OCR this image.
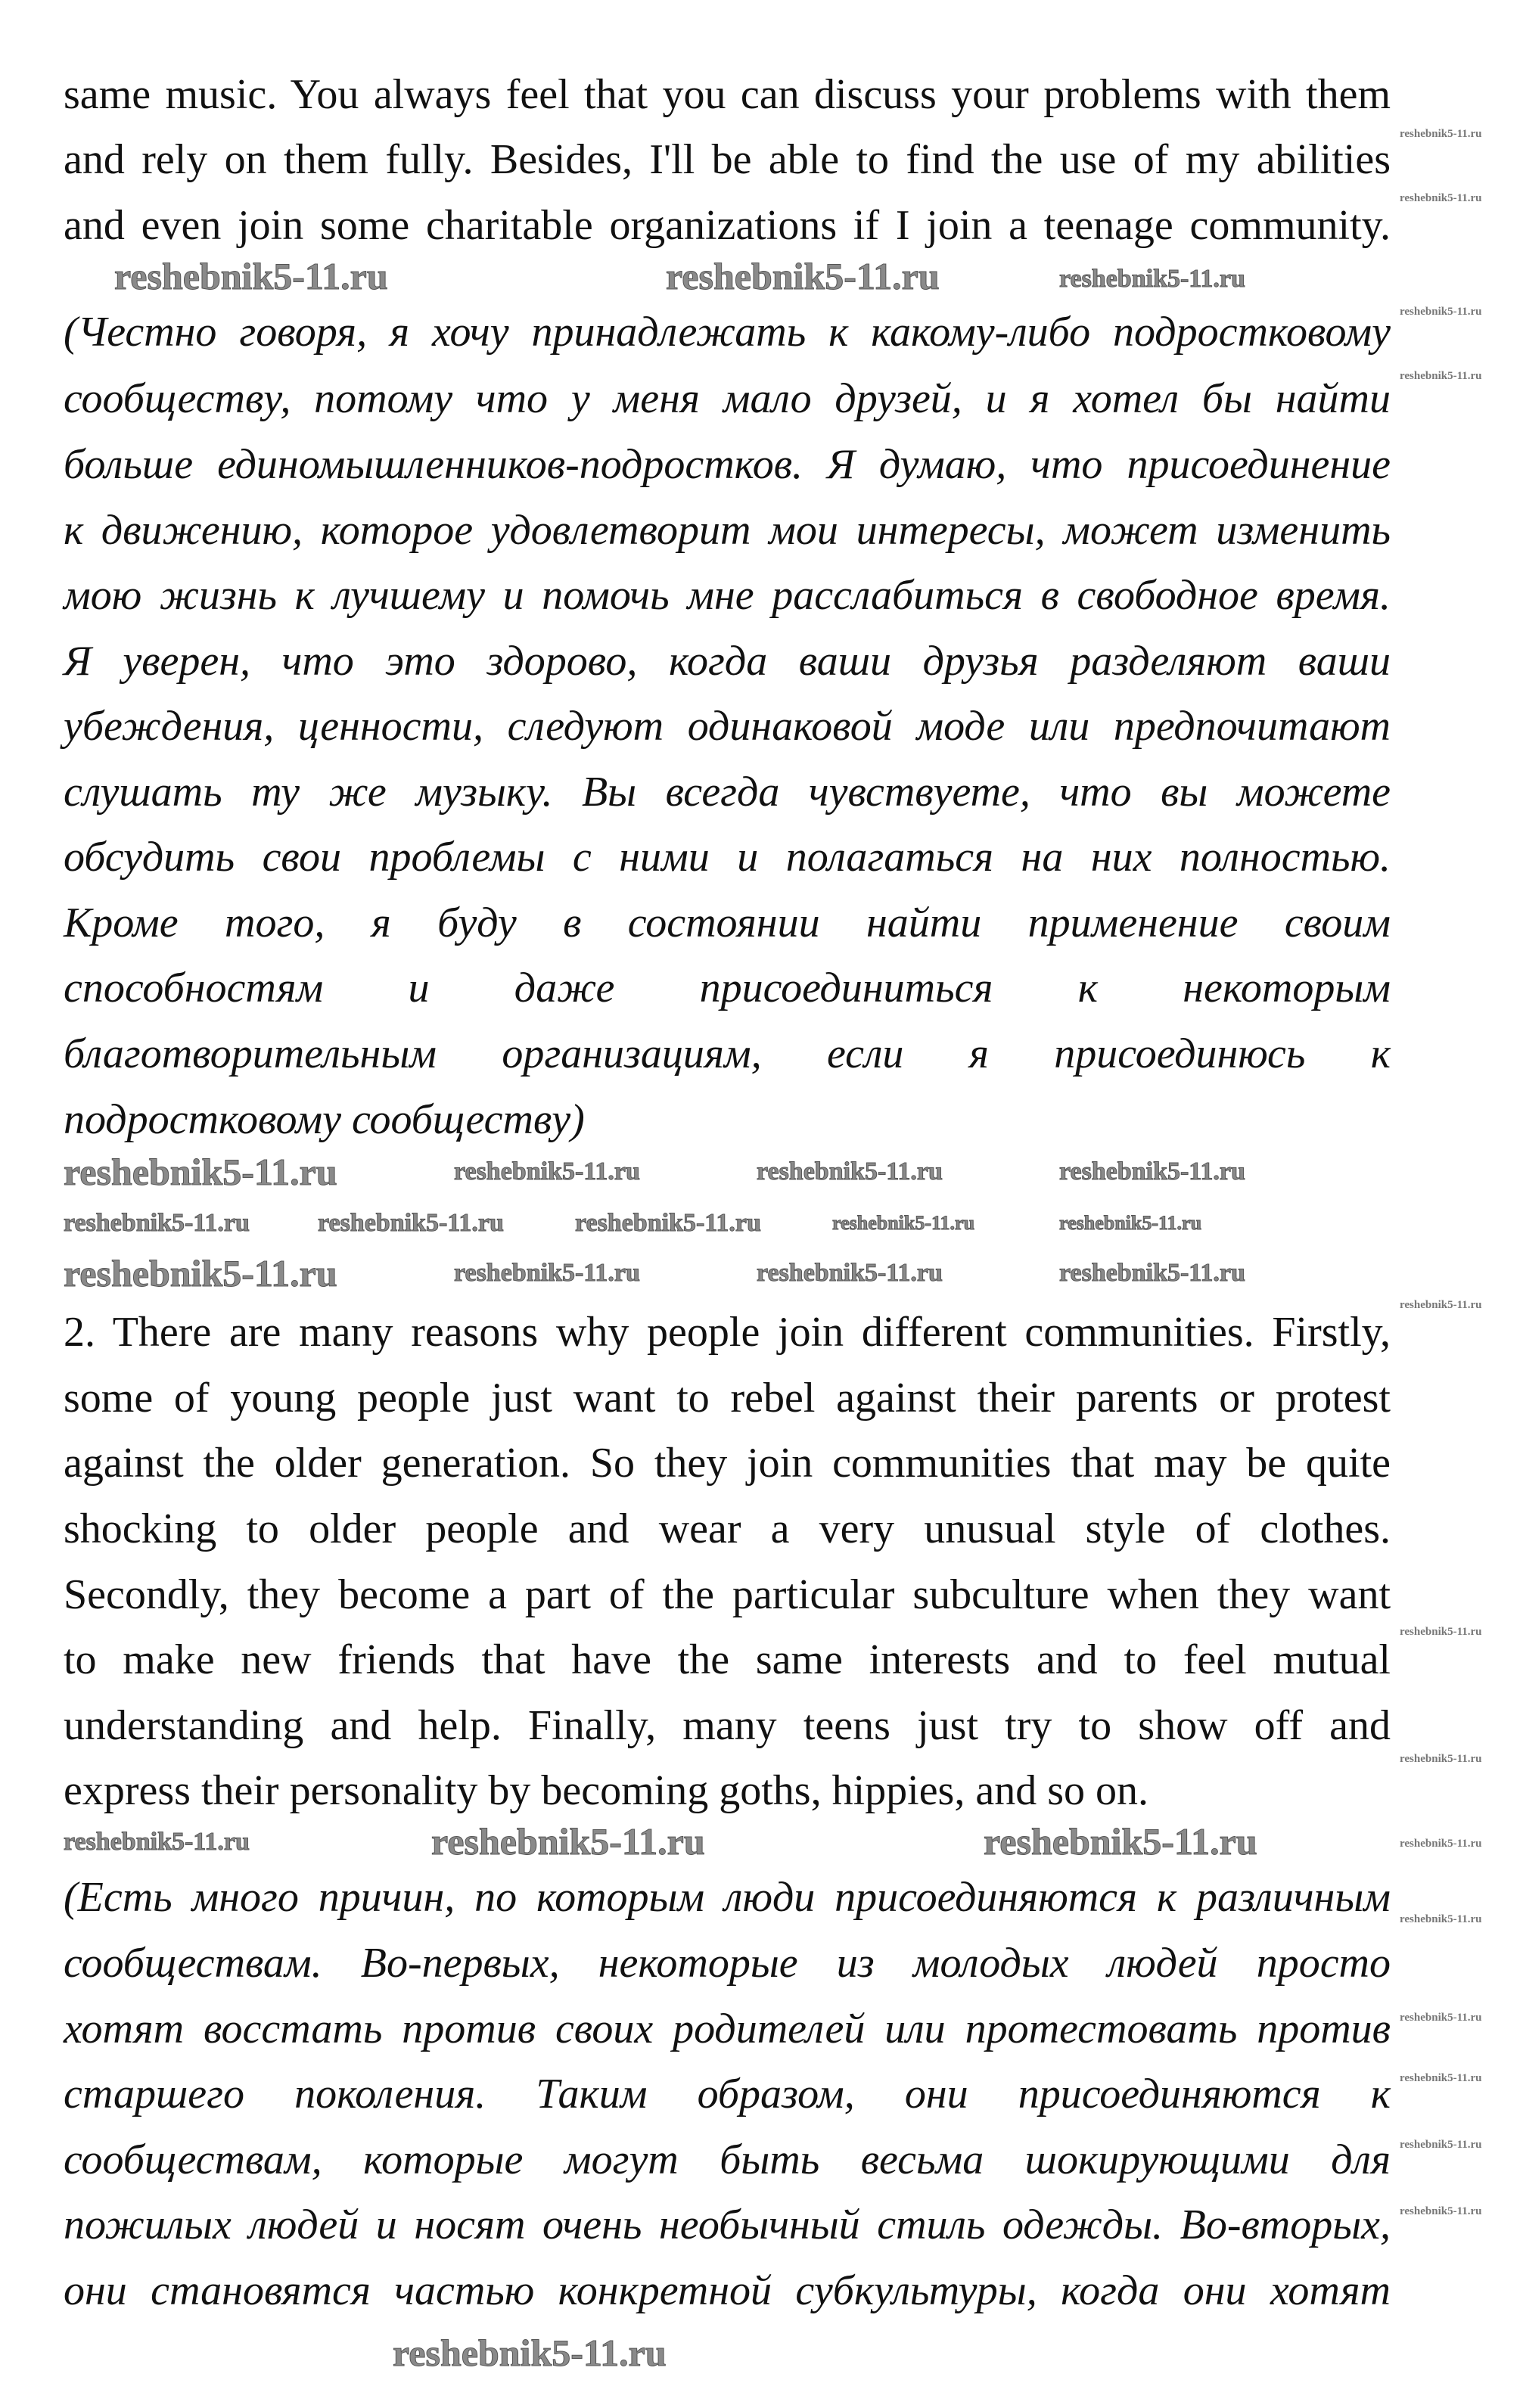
same music. You always feel that you can discuss your problems with them
and rely on them fully. Besides, I'll be able to find the use of my abilities
and even join some charitable organizations if I join a teenage community.
(Честно говоря, я хочу принадлежать к какому-либо подростковому
сообществу, потому что у меня мало друзей, и я хотел бы найти
больше единомышленников-подростков. Я думаю, что присоединение
к движению, которое удовлетворит мои интересы, может изменить
мою жизнь к лучшему и помочь мне расслабиться в свободное время.
Я уверен, что это здорово, когда ваши друзья разделяют ваши
убеждения, ценности, следуют одинаковой моде или предпочитают
слушать ту же музыку. Вы всегда чувствуете, что вы можете
обсудить свои проблемы с ними и полагаться на них полностью.
Кроме того, я буду в состоянии найти применение своим
способностям и даже присоединиться к некоторым
благотворительным организациям, если я присоединюсь к
подростковому сообществу)
2. There are many reasons why people join different communities. Firstly,
some of young people just want to rebel against their parents or protest
against the older generation. So they join communities that may be quite
shocking to older people and wear a very unusual style of clothes.
Secondly, they become a part of the particular subculture when they want
to make new friends that have the same interests and to feel mutual
understanding and help. Finally, many teens just try to show off and
express their personality by becoming goths, hippies, and so on.
(Есть много причин, по которым люди присоединяются к различным
сообществам. Во-первых, некоторые из молодых людей просто
хотят восстать против своих родителей или протестовать против
старшего поколения. Таким образом, они присоединяются к
сообществам, которые могут быть весьма шокирующими для
пожилых людей и носят очень необычный стиль одежды. Во-вторых,
они становятся частью конкретной субкультуры, когда они хотят
reshebnik5-11.ru
reshebnik5-11.ru
reshebnik5-11.ru
reshebnik5-11.ru
reshebnik5-11.ru
reshebnik5-11.ru
reshebnik5-11.ru
reshebnik5-11.ru
reshebnik5-11.ru
reshebnik5-11.ru
reshebnik5-11.ru
reshebnik5-11.ru
reshebnik5-11.ru
reshebnik5-11.ru	reshebnik5-11.ru	reshebnik5-11.ru
reshebnik5-11.ru	reshebnik5-11.ru	reshebnik5-11.ru	reshebnik5-11.ru
reshebnik5-11.ru	reshebnik5-11.ru	reshebnik5-11.ru	reshebnik5-11.ru	reshebnik5-11.ru
reshebnik5-11.ru	reshebnik5-11.ru	reshebnik5-11.ru	reshebnik5-11.ru
reshebnik5-11.ru	reshebnik5-11.ru	reshebnik5-11.ru
reshebnik5-11.ru
